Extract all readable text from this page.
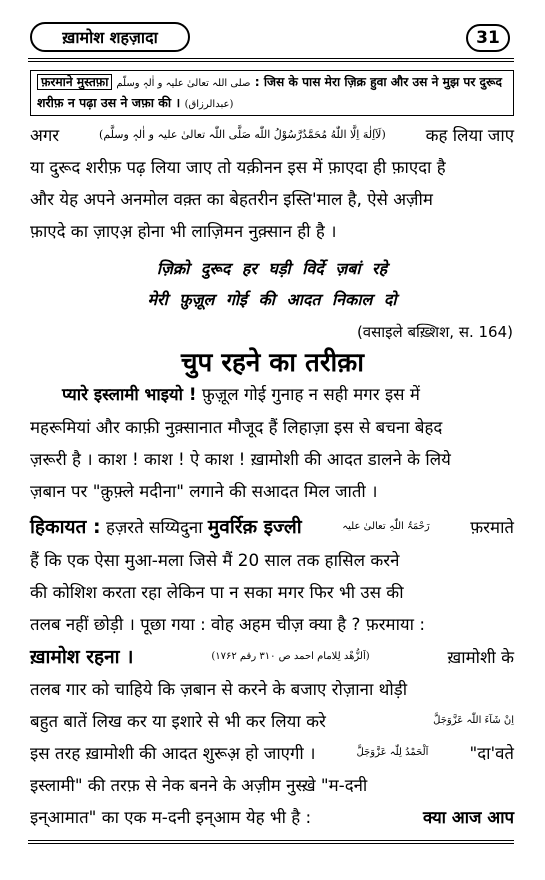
ख़ामोश शहज़ादा	31
फ़रमाने मुस्तफ़ा صلی اللہ تعالیٰ علیہ و اٰلہٖ وسلّم : जिस के पास मेरा ज़िक्र हुवा और उस ने मुझ पर दुरूद
शरीफ़ न पढ़ा उस ने जफ़ा की । (عبدالرزاق)
अगर	(لَآاِلٰهَ اِلَّا اللّٰهُ مُحَمَّدٌرَّسُوْلُ اللّٰه صَلَّی اللّٰہ تعالیٰ علیہ و اٰلہٖ وسلَّم) कह लिया जाए
या दुरूद शरीफ़ पढ़ लिया जाए तो यक़ीनन इस में फ़ाएदा ही फ़ाएदा है
और येह अपने अनमोल वक़्त का बेहतरीन इस्ति'माल है, ऐसे अज़ीम
फ़ाएदे का ज़ाएअ़ होना भी लाज़िमन नुक़्सान ही है ।
ज़िक्रो दुरूद हर घड़ी विर्दे ज़बां रहे
मेरी फ़ुज़ूल गोई की आदत निकाल दो
(वसाइले बख़्शिश, स. 164)
चुप रहने का तरीक़ा
प्यारे इस्लामी भाइयो ! फ़ुज़ूल गोई गुनाह न सही मगर इस में
महरूमियां और काफ़ी नुक़्सानात मौजूद हैं लिहाज़ा इस से बचना बेहद
ज़रूरी है । काश ! काश ! ऐ काश ! ख़ामोशी की आदत डालने के लिये
ज़बान पर "क़ुफ़्ले मदीना" लगाने की सआदत मिल जाती ।
हिकायत : हज़रते सय्यिदुना मुवर्रिक़ इज्ली	رَحْمَۃُ اللّٰہِ تعالیٰ علیہ फ़रमाते
हैं कि एक ऐसा मुआ-मला जिसे मैं 20 साल तक हासिल करने
की कोशिश करता रहा लेकिन पा न सका मगर फिर भी उस की
तलब नहीं छोड़ी । पूछा गया : वोह अहम चीज़ क्या है ? फ़रमाया :
ख़ामोश रहना ।	(اَلزُّهْد لِلامام احمد ص ۳۱۰ رقم ۱۷۶۲)	ख़ामोशी के
तलब गार को चाहिये कि ज़बान से करने के बजाए रोज़ाना थोड़ी
बहुत बातें लिख कर या इशारे से भी कर लिया करे	اِنْ شَآءَ اللّٰہ عَزَّوَجَلَّ
इस तरह ख़ामोशी की आदत शुरूअ़ हो जाएगी ।	اَلْحَمْدُ لِلّٰہ عَزَّوَجَلَّ "दा'वते
इस्लामी" की तरफ़ से नेक बनने के अज़ीम नुस्ख़े "म-दनी
इन्आमात" का एक म-दनी इन्आम येह भी है :	क्या आज आप
